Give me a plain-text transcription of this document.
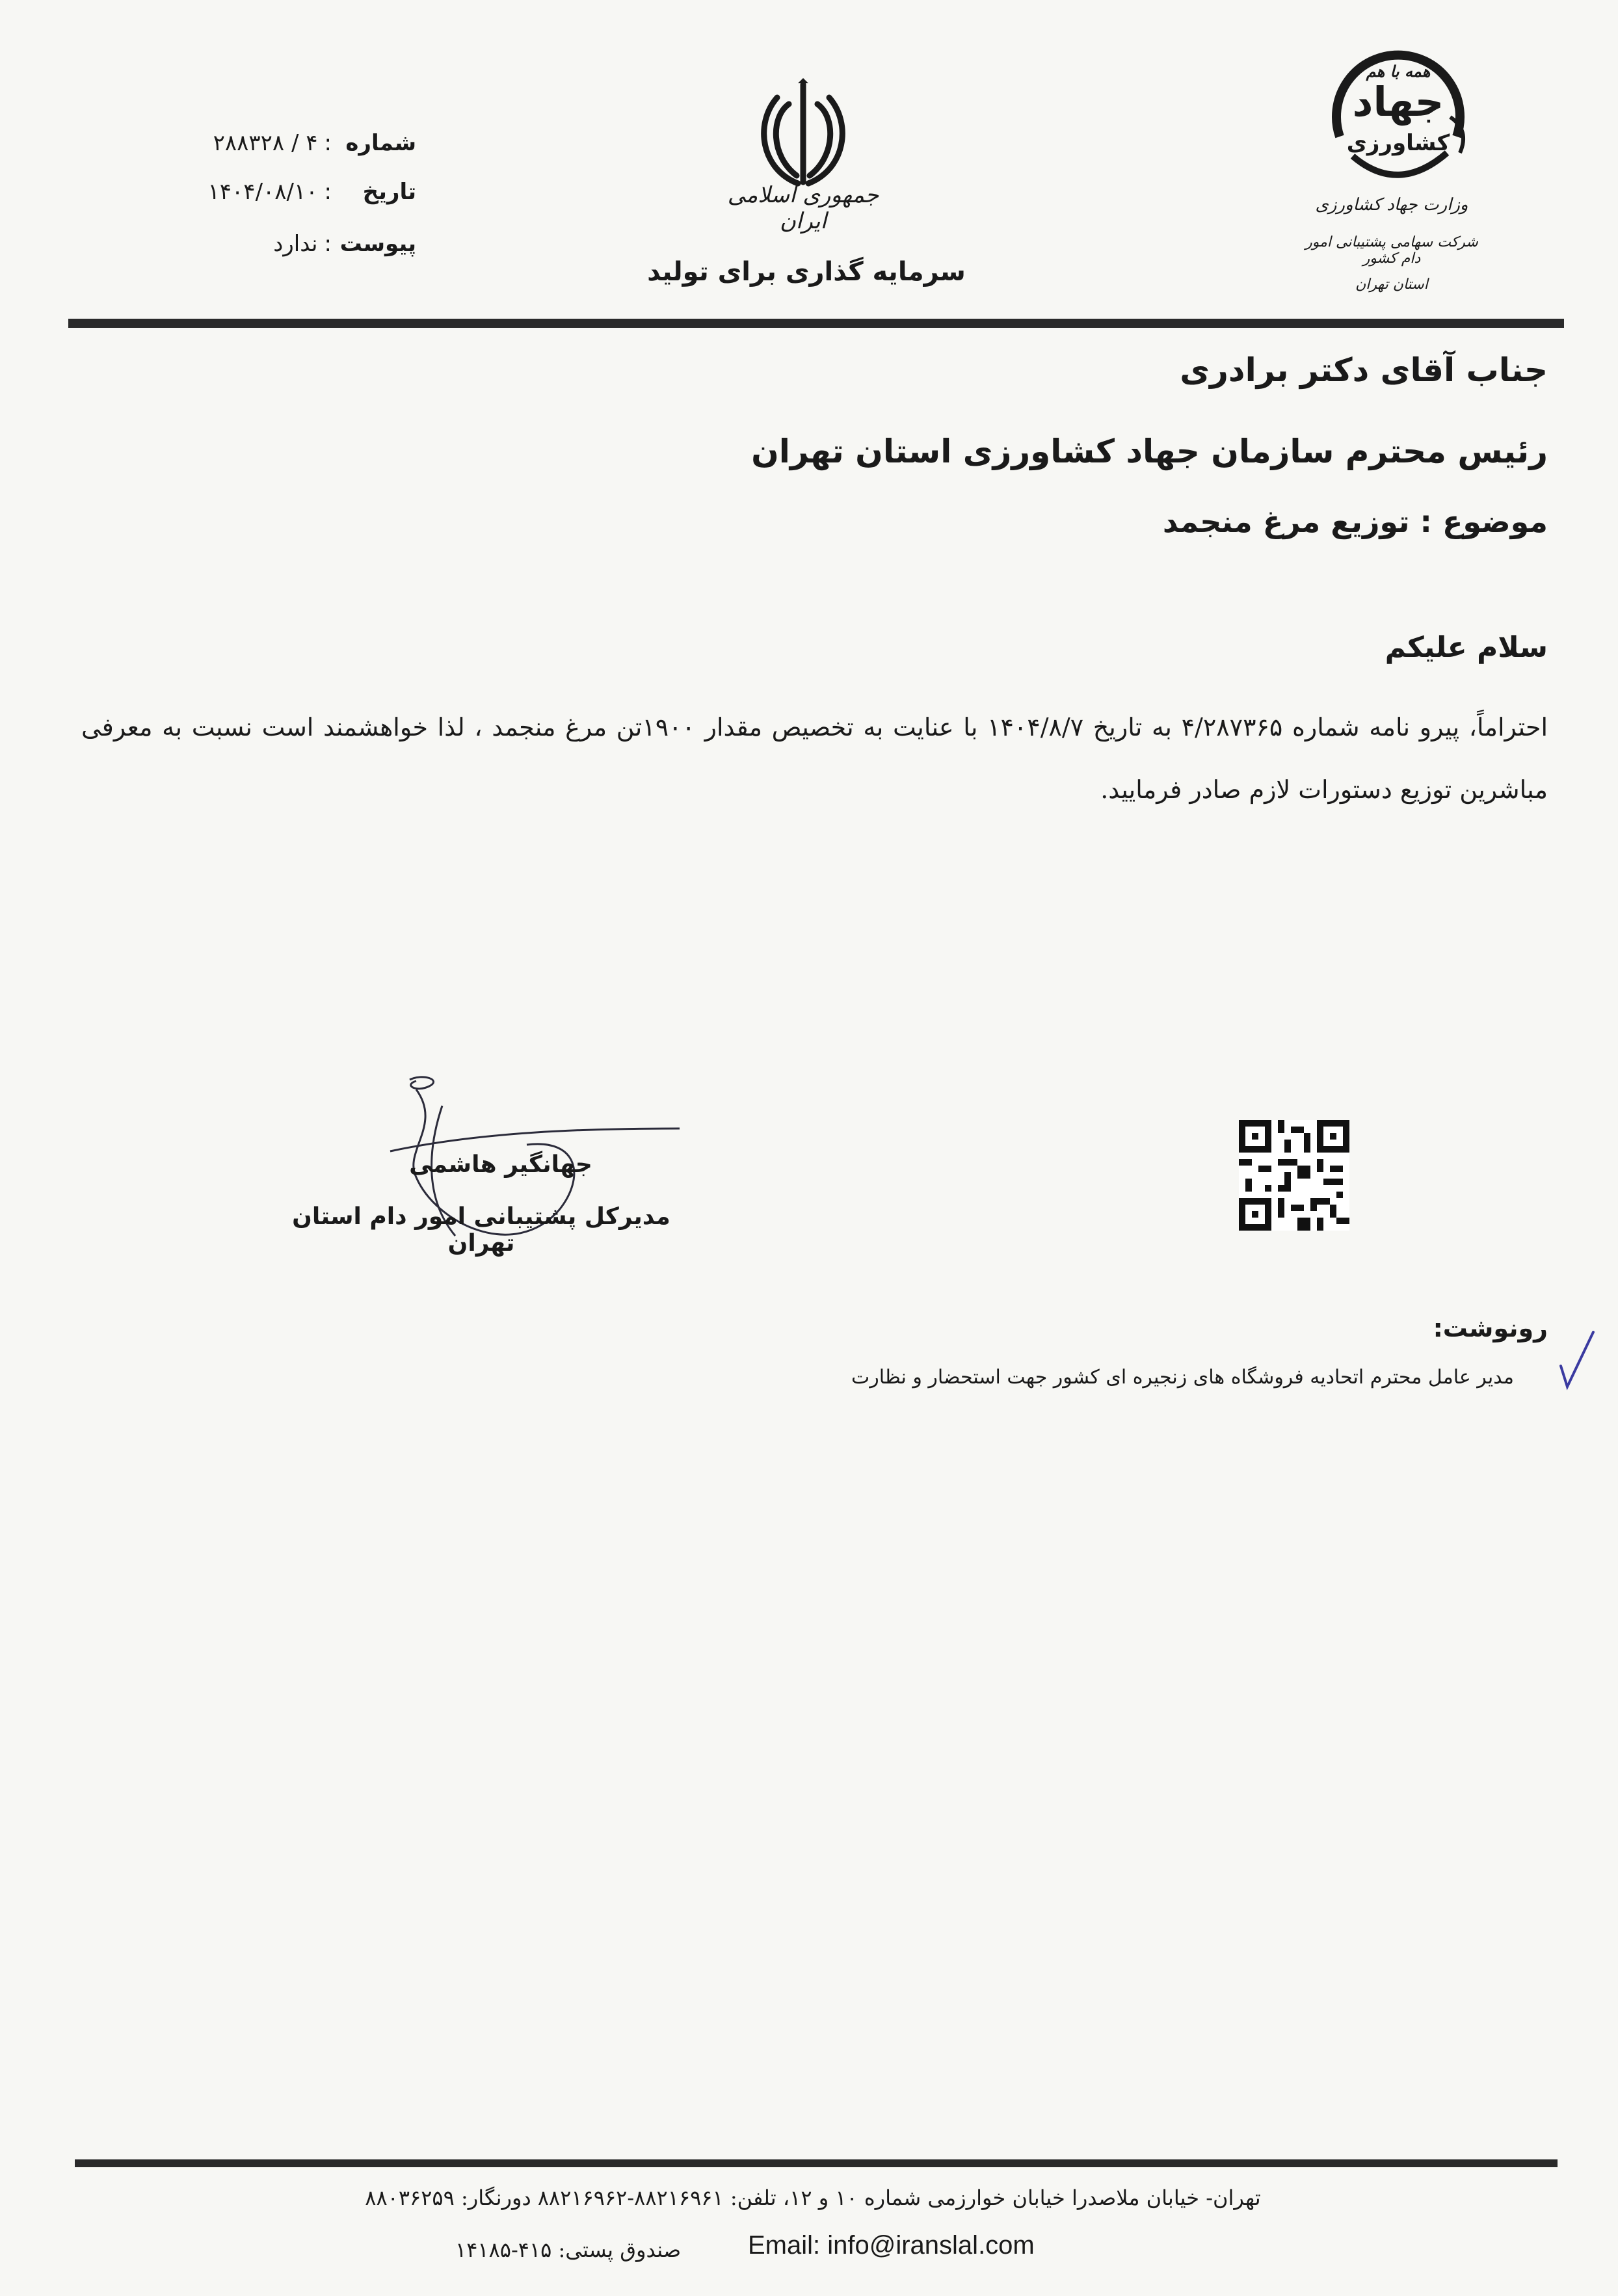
شماره:۴ / ۲۸۸۳۲۸
تاریخ:۱۴۰۴/۰۸/۱۰
پیوست:ندارد
جمهوری اسلامی ایران
سرمایه گذاری برای تولید
همه با هم
جهاد
کشاورزی
وزارت جهاد کشاورزی
شرکت سهامی پشتیبانی امور دام کشور
استان تهران
جناب آقای دکتر برادری
رئیس محترم سازمان جهاد کشاورزی استان تهران
موضوع : توزیع مرغ منجمد
سلام علیکم
احتراماً، پیرو نامه شماره ۴/۲۸۷۳۶۵ به تاریخ ۱۴۰۴/۸/۷ با عنایت به تخصیص مقدار ۱۹۰۰تن مرغ منجمد ، لذا خواهشمند است نسبت به معرفی مباشرین توزیع دستورات لازم صادر فرمایید.
جهانگیر هاشمی
مدیرکل پشتیبانی امور دام استان تهران
رونوشت:
مدیر عامل محترم اتحادیه فروشگاه های زنجیره ای کشور جهت استحضار و نظارت
تهران- خیابان ملاصدرا خیابان خوارزمی شماره ۱۰ و ۱۲، تلفن: ۸۸۲۱۶۹۶۱-۸۸۲۱۶۹۶۲ دورنگار: ۸۸۰۳۶۲۵۹
Email: info@iranslal.com
صندوق پستی: ۴۱۵-۱۴۱۸۵
